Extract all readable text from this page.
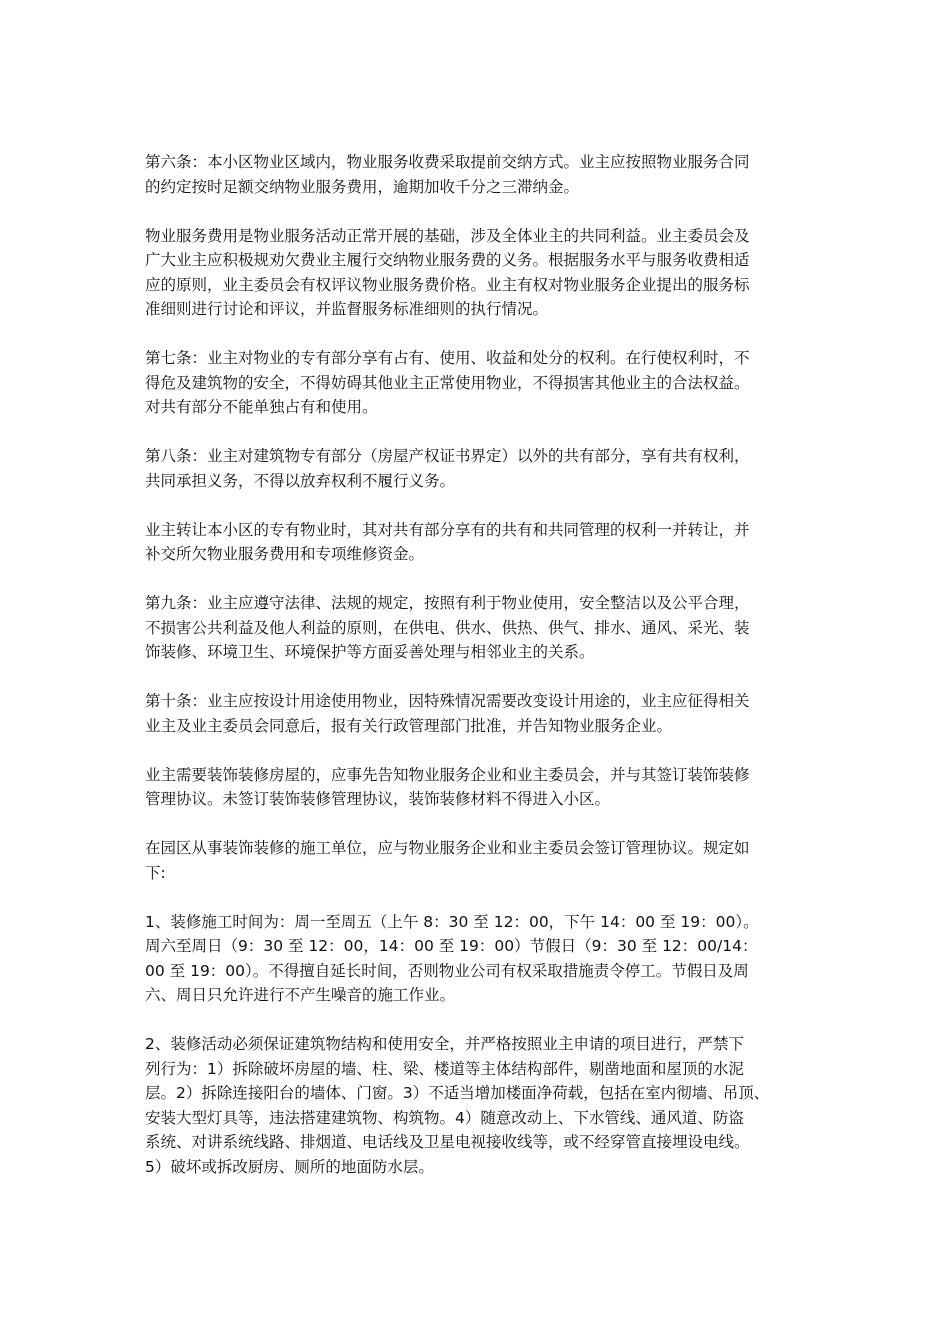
第六条：本小区物业区域内，物业服务收费采取提前交纳方式。业主应按照物业服务合同
的约定按时足额交纳物业服务费用，逾期加收千分之三滞纳金。
物业服务费用是物业服务活动正常开展的基础，涉及全体业主的共同利益。业主委员会及
广大业主应积极规劝欠费业主履行交纳物业服务费的义务。根据服务水平与服务收费相适
应的原则，业主委员会有权评议物业服务费价格。业主有权对物业服务企业提出的服务标
准细则进行讨论和评议，并监督服务标准细则的执行情况。
第七条：业主对物业的专有部分享有占有、使用、收益和处分的权利。在行使权利时，不
得危及建筑物的安全，不得妨碍其他业主正常使用物业，不得损害其他业主的合法权益。
对共有部分不能单独占有和使用。
第八条：业主对建筑物专有部分（房屋产权证书界定）以外的共有部分，享有共有权利，
共同承担义务，不得以放弃权利不履行义务。
业主转让本小区的专有物业时，其对共有部分享有的共有和共同管理的权利一并转让，并
补交所欠物业服务费用和专项维修资金。
第九条：业主应遵守法律、法规的规定，按照有利于物业使用，安全整洁以及公平合理，
不损害公共利益及他人利益的原则，在供电、供水、供热、供气、排水、通风、采光、装
饰装修、环境卫生、环境保护等方面妥善处理与相邻业主的关系。
第十条：业主应按设计用途使用物业，因特殊情况需要改变设计用途的，业主应征得相关
业主及业主委员会同意后，报有关行政管理部门批准，并告知物业服务企业。
业主需要装饰装修房屋的，应事先告知物业服务企业和业主委员会，并与其签订装饰装修
管理协议。未签订装饰装修管理协议，装饰装修材料不得进入小区。
在园区从事装饰装修的施工单位，应与物业服务企业和业主委员会签订管理协议。规定如
下:
1、装修施工时间为：周一至周五（上午 8：30 至 12：00，下午 14：00 至 19：00）。
周六至周日（9：30 至 12：00，14：00 至 19：00）节假日（9：30 至 12：00/14：
00 至 19：00）。不得擅自延长时间，否则物业公司有权采取措施责令停工。节假日及周
六、周日只允许进行不产生噪音的施工作业。
2、装修活动必须保证建筑物结构和使用安全，并严格按照业主申请的项目进行，严禁下
列行为：1）拆除破坏房屋的墙、柱、梁、楼道等主体结构部件，剔凿地面和屋顶的水泥
层。2）拆除连接阳台的墙体、门窗。3）不适当增加楼面净荷载，包括在室内彻墙、吊顶、
安装大型灯具等，违法搭建建筑物、构筑物。4）随意改动上、下水管线、通风道、防盗
系统、对讲系统线路、排烟道、电话线及卫星电视接收线等，或不经穿管直接埋设电线。
5）破坏或拆改厨房、厕所的地面防水层。
